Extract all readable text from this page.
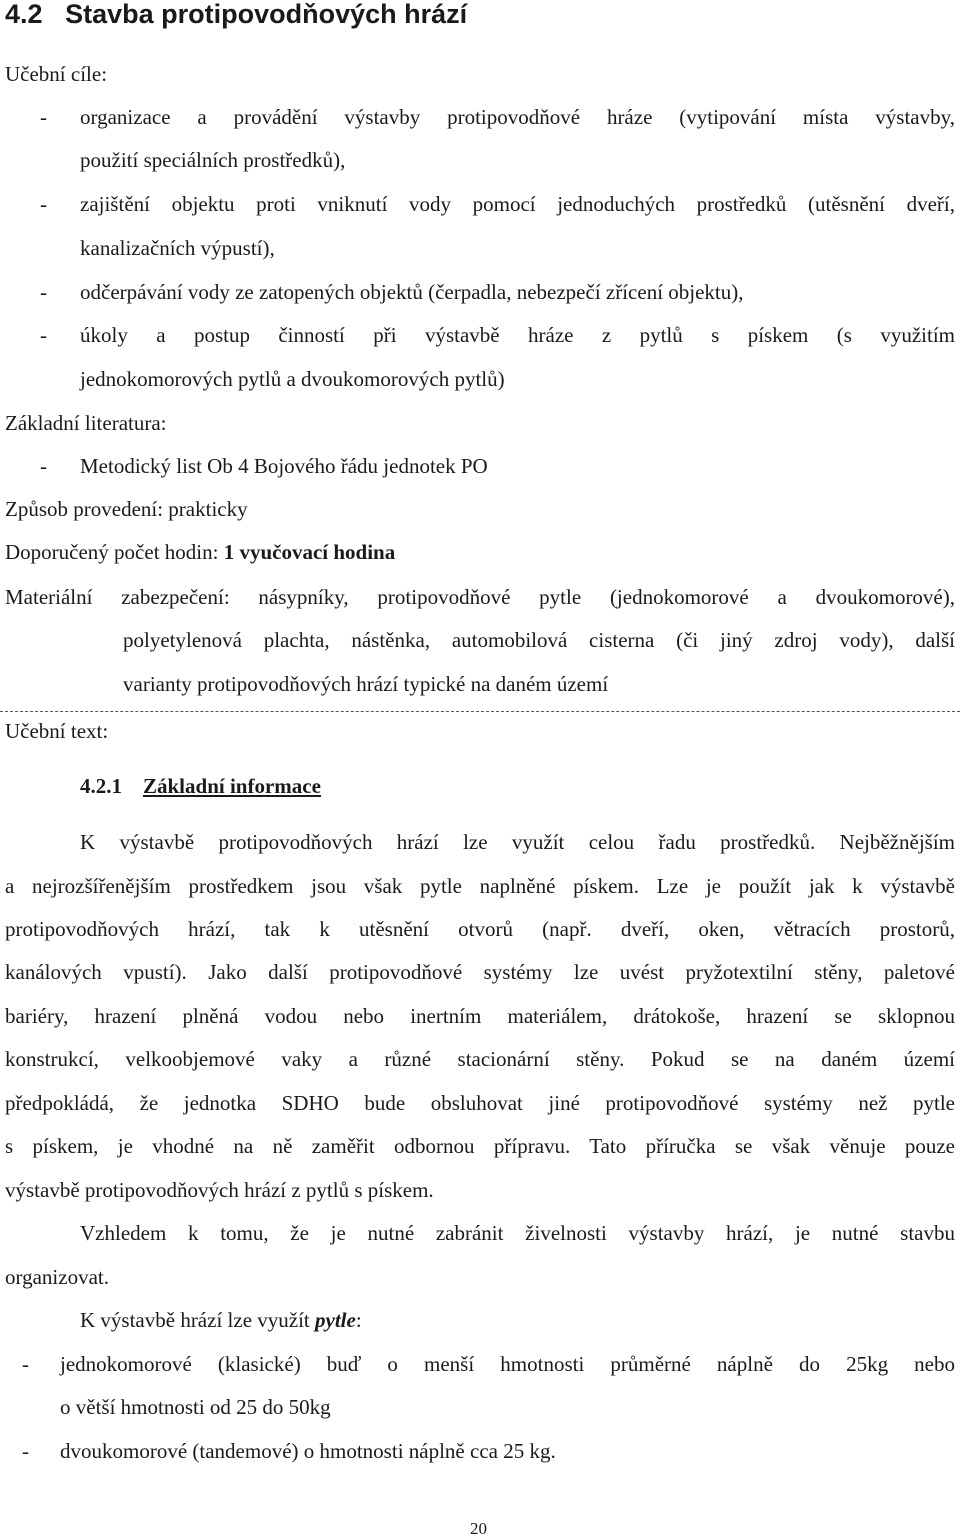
4.2 Stavba protipovodňových hrází
Učební cíle:
- organizace a provádění výstavby protipovodňové hráze (vytipování místa výstavby,
použití speciálních prostředků),
- zajištění objektu proti vniknutí vody pomocí jednoduchých prostředků (utěsnění dveří,
kanalizačních výpustí),
- odčerpávání vody ze zatopených objektů (čerpadla, nebezpečí zřícení objektu),
- úkoly a postup činností při výstavbě hráze z pytlů s pískem (s využitím
jednokomorových pytlů a dvoukomorových pytlů)
Základní literatura:
- Metodický list Ob 4 Bojového řádu jednotek PO
Způsob provedení: prakticky
Doporučený počet hodin: 1 vyučovací hodina
Materiální zabezpečení: násypníky, protipovodňové pytle (jednokomorové a dvoukomorové),
polyetylenová plachta, nástěnka, automobilová cisterna (či jiný zdroj vody), další
varianty protipovodňových hrází typické na daném území
Učební text:
4.2.1 Základní informace
K výstavbě protipovodňových hrází lze využít celou řadu prostředků. Nejběžnějším
a nejrozšířenějším prostředkem jsou však pytle naplněné pískem. Lze je použít jak k výstavbě
protipovodňových hrází, tak k utěsnění otvorů (např. dveří, oken, větracích prostorů,
kanálových vpustí). Jako další protipovodňové systémy lze uvést pryžotextilní stěny, paletové
bariéry, hrazení plněná vodou nebo inertním materiálem, drátokoše, hrazení se sklopnou
konstrukcí, velkoobjemové vaky a různé stacionární stěny. Pokud se na daném území
předpokládá, že jednotka SDHO bude obsluhovat jiné protipovodňové systémy než pytle
s pískem, je vhodné na ně zaměřit odbornou přípravu. Tato příručka se však věnuje pouze
výstavbě protipovodňových hrází z pytlů s pískem.
Vzhledem k tomu, že je nutné zabránit živelnosti výstavby hrází, je nutné stavbu
organizovat.
K výstavbě hrází lze využít pytle:
- jednokomorové (klasické) buď o menší hmotnosti průměrné náplně do 25kg nebo
o větší hmotnosti od 25 do 50kg
- dvoukomorové (tandemové) o hmotnosti náplně cca 25 kg.
20
